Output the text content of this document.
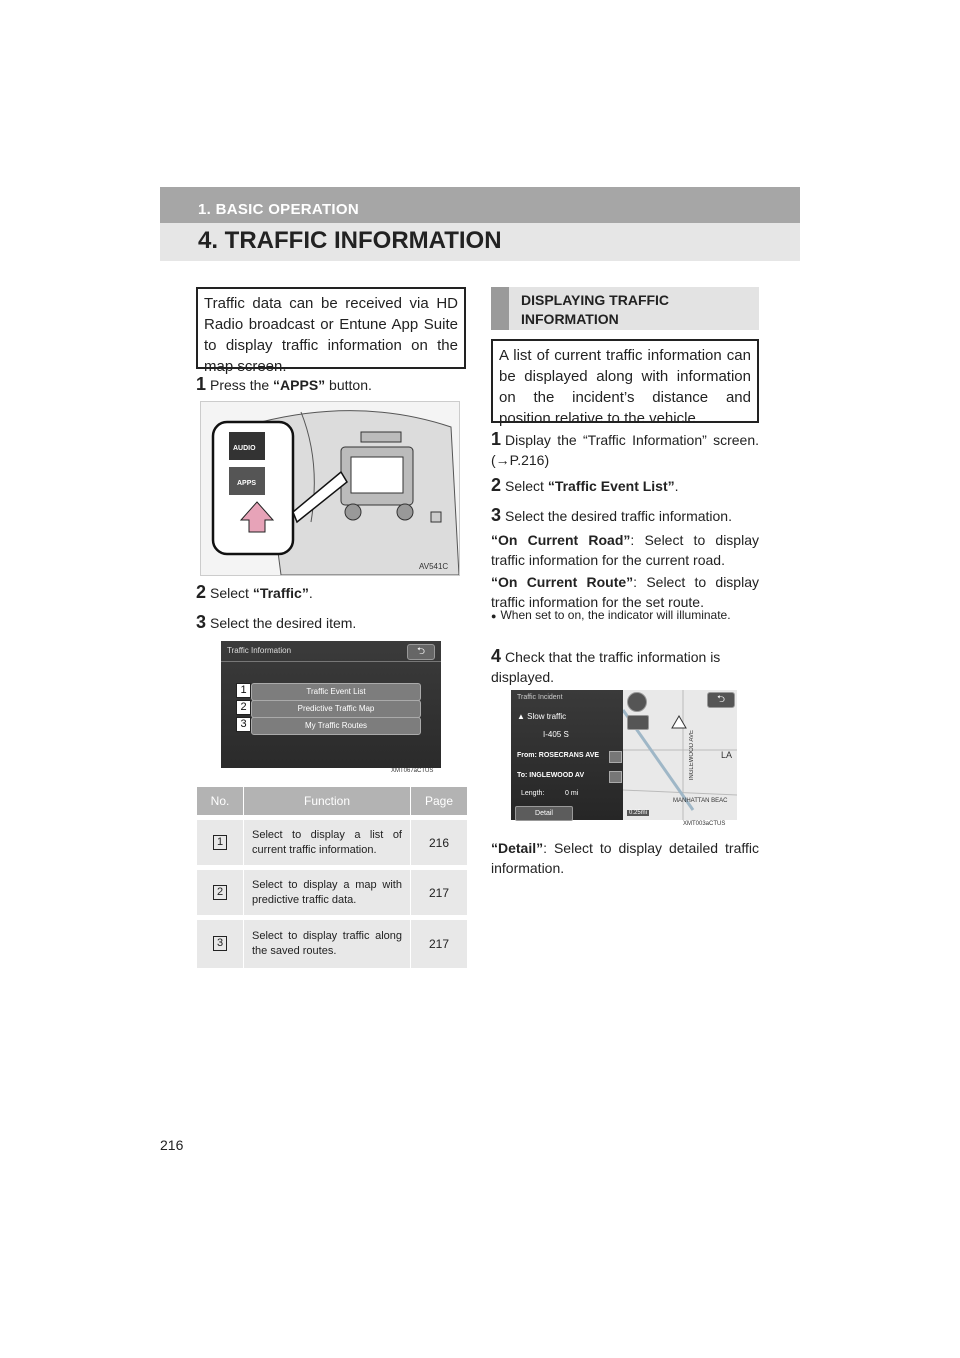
1. BASIC OPERATION
4. TRAFFIC INFORMATION
Traffic data can be received via HD Radio broadcast or Entune App Suite to display traffic information on the map screen.
1 Press the “APPS” button.
AUDIO
APPS
AV541C
2 Select “Traffic”.
3 Select the desired item.
Traffic Information	⮌
Traffic Event List
Predictive Traffic Map
My Traffic Routes
1
2
3
XMT067aCTUS
No.	Function	Page
1	Select to display a list of current traffic information.	216
2	Select to display a map with predictive traffic data.	217
3	Select to display traffic along the saved routes.	217
DISPLAYING TRAFFIC INFORMATION
A list of current traffic information can be displayed along with information on the incident’s distance and position relative to the vehicle.
1 Display the “Traffic Information” screen. (→P.216)
2 Select “Traffic Event List”.
3 Select the desired traffic information.
“On Current Road”: Select to display traffic information for the current road.
“On Current Route”: Select to display traffic information for the set route.
● When set to on, the indicator will illuminate.
4 Check that the traffic information is displayed.
⮌
INGLEWOOD AVE
MANHATTAN BEAC
LA
0.25mi
Traffic Incident
▲ Slow traffic
I-405 S
From: ROSECRANS AVE
To: INGLEWOOD AV
Length:	0 mi
Detail
XMT003aCTUS
“Detail”: Select to display detailed traffic information.
216
